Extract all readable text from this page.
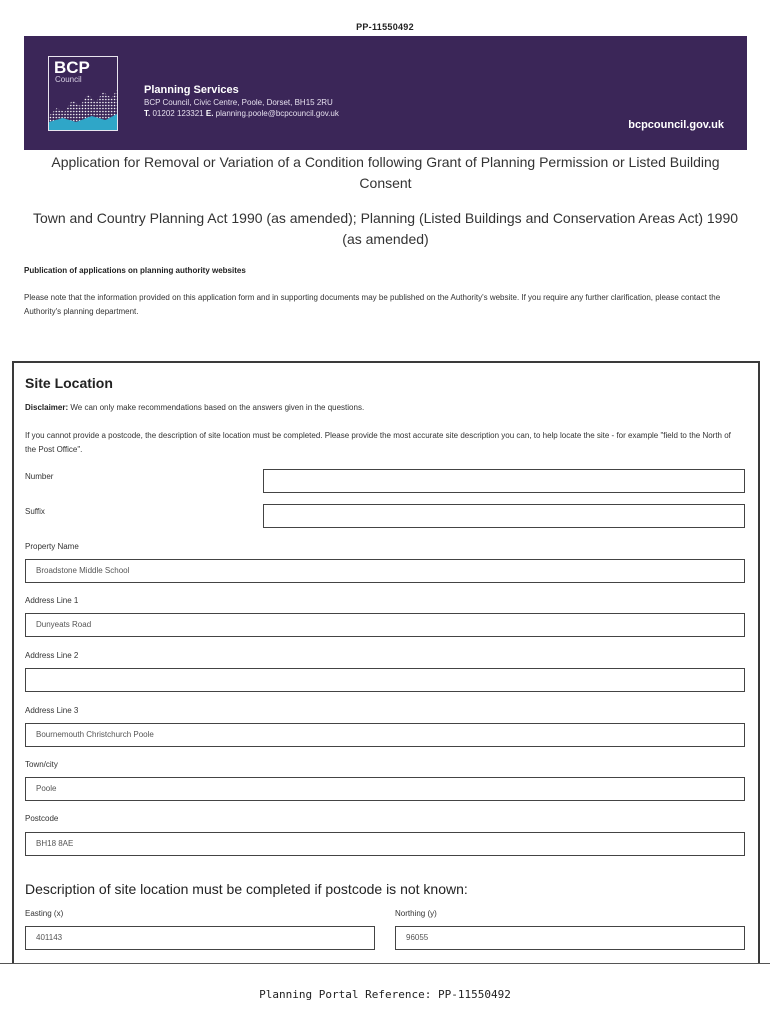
PP-11550492
BCP
Council
Planning Services
BCP Council, Civic Centre, Poole, Dorset, BH15 2RU
T. 01202 123321 E. planning.poole@bcpcouncil.gov.uk
bcpcouncil.gov.uk
Application for Removal or Variation of a Condition following Grant of Planning Permission or Listed Building Consent
Town and Country Planning Act 1990 (as amended); Planning (Listed Buildings and Conservation Areas Act) 1990 (as amended)
Publication of applications on planning authority websites
Please note that the information provided on this application form and in supporting documents may be published on the Authority's website. If you require any further clarification, please contact the Authority's planning department.
Site Location
Disclaimer: We can only make recommendations based on the answers given in the questions.
If you cannot provide a postcode, the description of site location must be completed. Please provide the most accurate site description you can, to help locate the site - for example "field to the North of the Post Office".
Number
Suffix
Property Name
Broadstone Middle School
Address Line 1
Dunyeats Road
Address Line 2
Address Line 3
Bournemouth Christchurch Poole
Town/city
Poole
Postcode
BH18 8AE
Description of site location must be completed if postcode is not known:
Easting (x)
401143
Northing (y)
96055
Planning Portal Reference: PP-11550492
